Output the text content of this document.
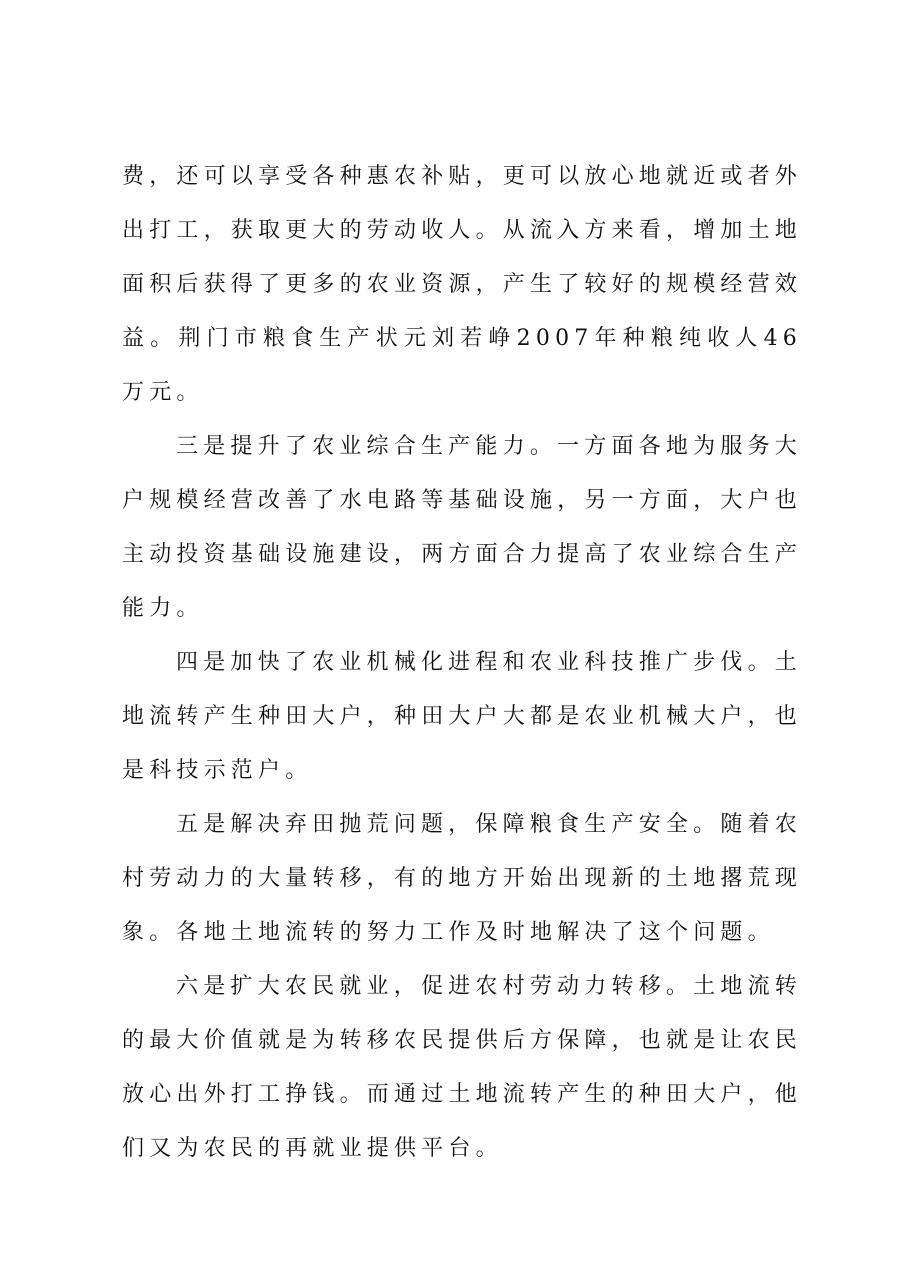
费，还可以享受各种惠农补贴，更可以放心地就近或者外出打工，获取更大的劳动收人。从流入方来看，增加土地面积后获得了更多的农业资源，产生了较好的规模经营效益。荆门市粮食生产状元刘若峥2007年种粮纯收人46万元。

三是提升了农业综合生产能力。一方面各地为服务大户规模经营改善了水电路等基础设施，另一方面，大户也主动投资基础设施建设，两方面合力提高了农业综合生产能力。

四是加快了农业机械化进程和农业科技推广步伐。土地流转产生种田大户，种田大户大都是农业机械大户，也是科技示范户。

五是解决弃田抛荒问题，保障粮食生产安全。随着农村劳动力的大量转移，有的地方开始出现新的土地撂荒现象。各地土地流转的努力工作及时地解决了这个问题。

六是扩大农民就业，促进农村劳动力转移。土地流转的最大价值就是为转移农民提供后方保障，也就是让农民放心出外打工挣钱。而通过土地流转产生的种田大户，他们又为农民的再就业提供平台。
